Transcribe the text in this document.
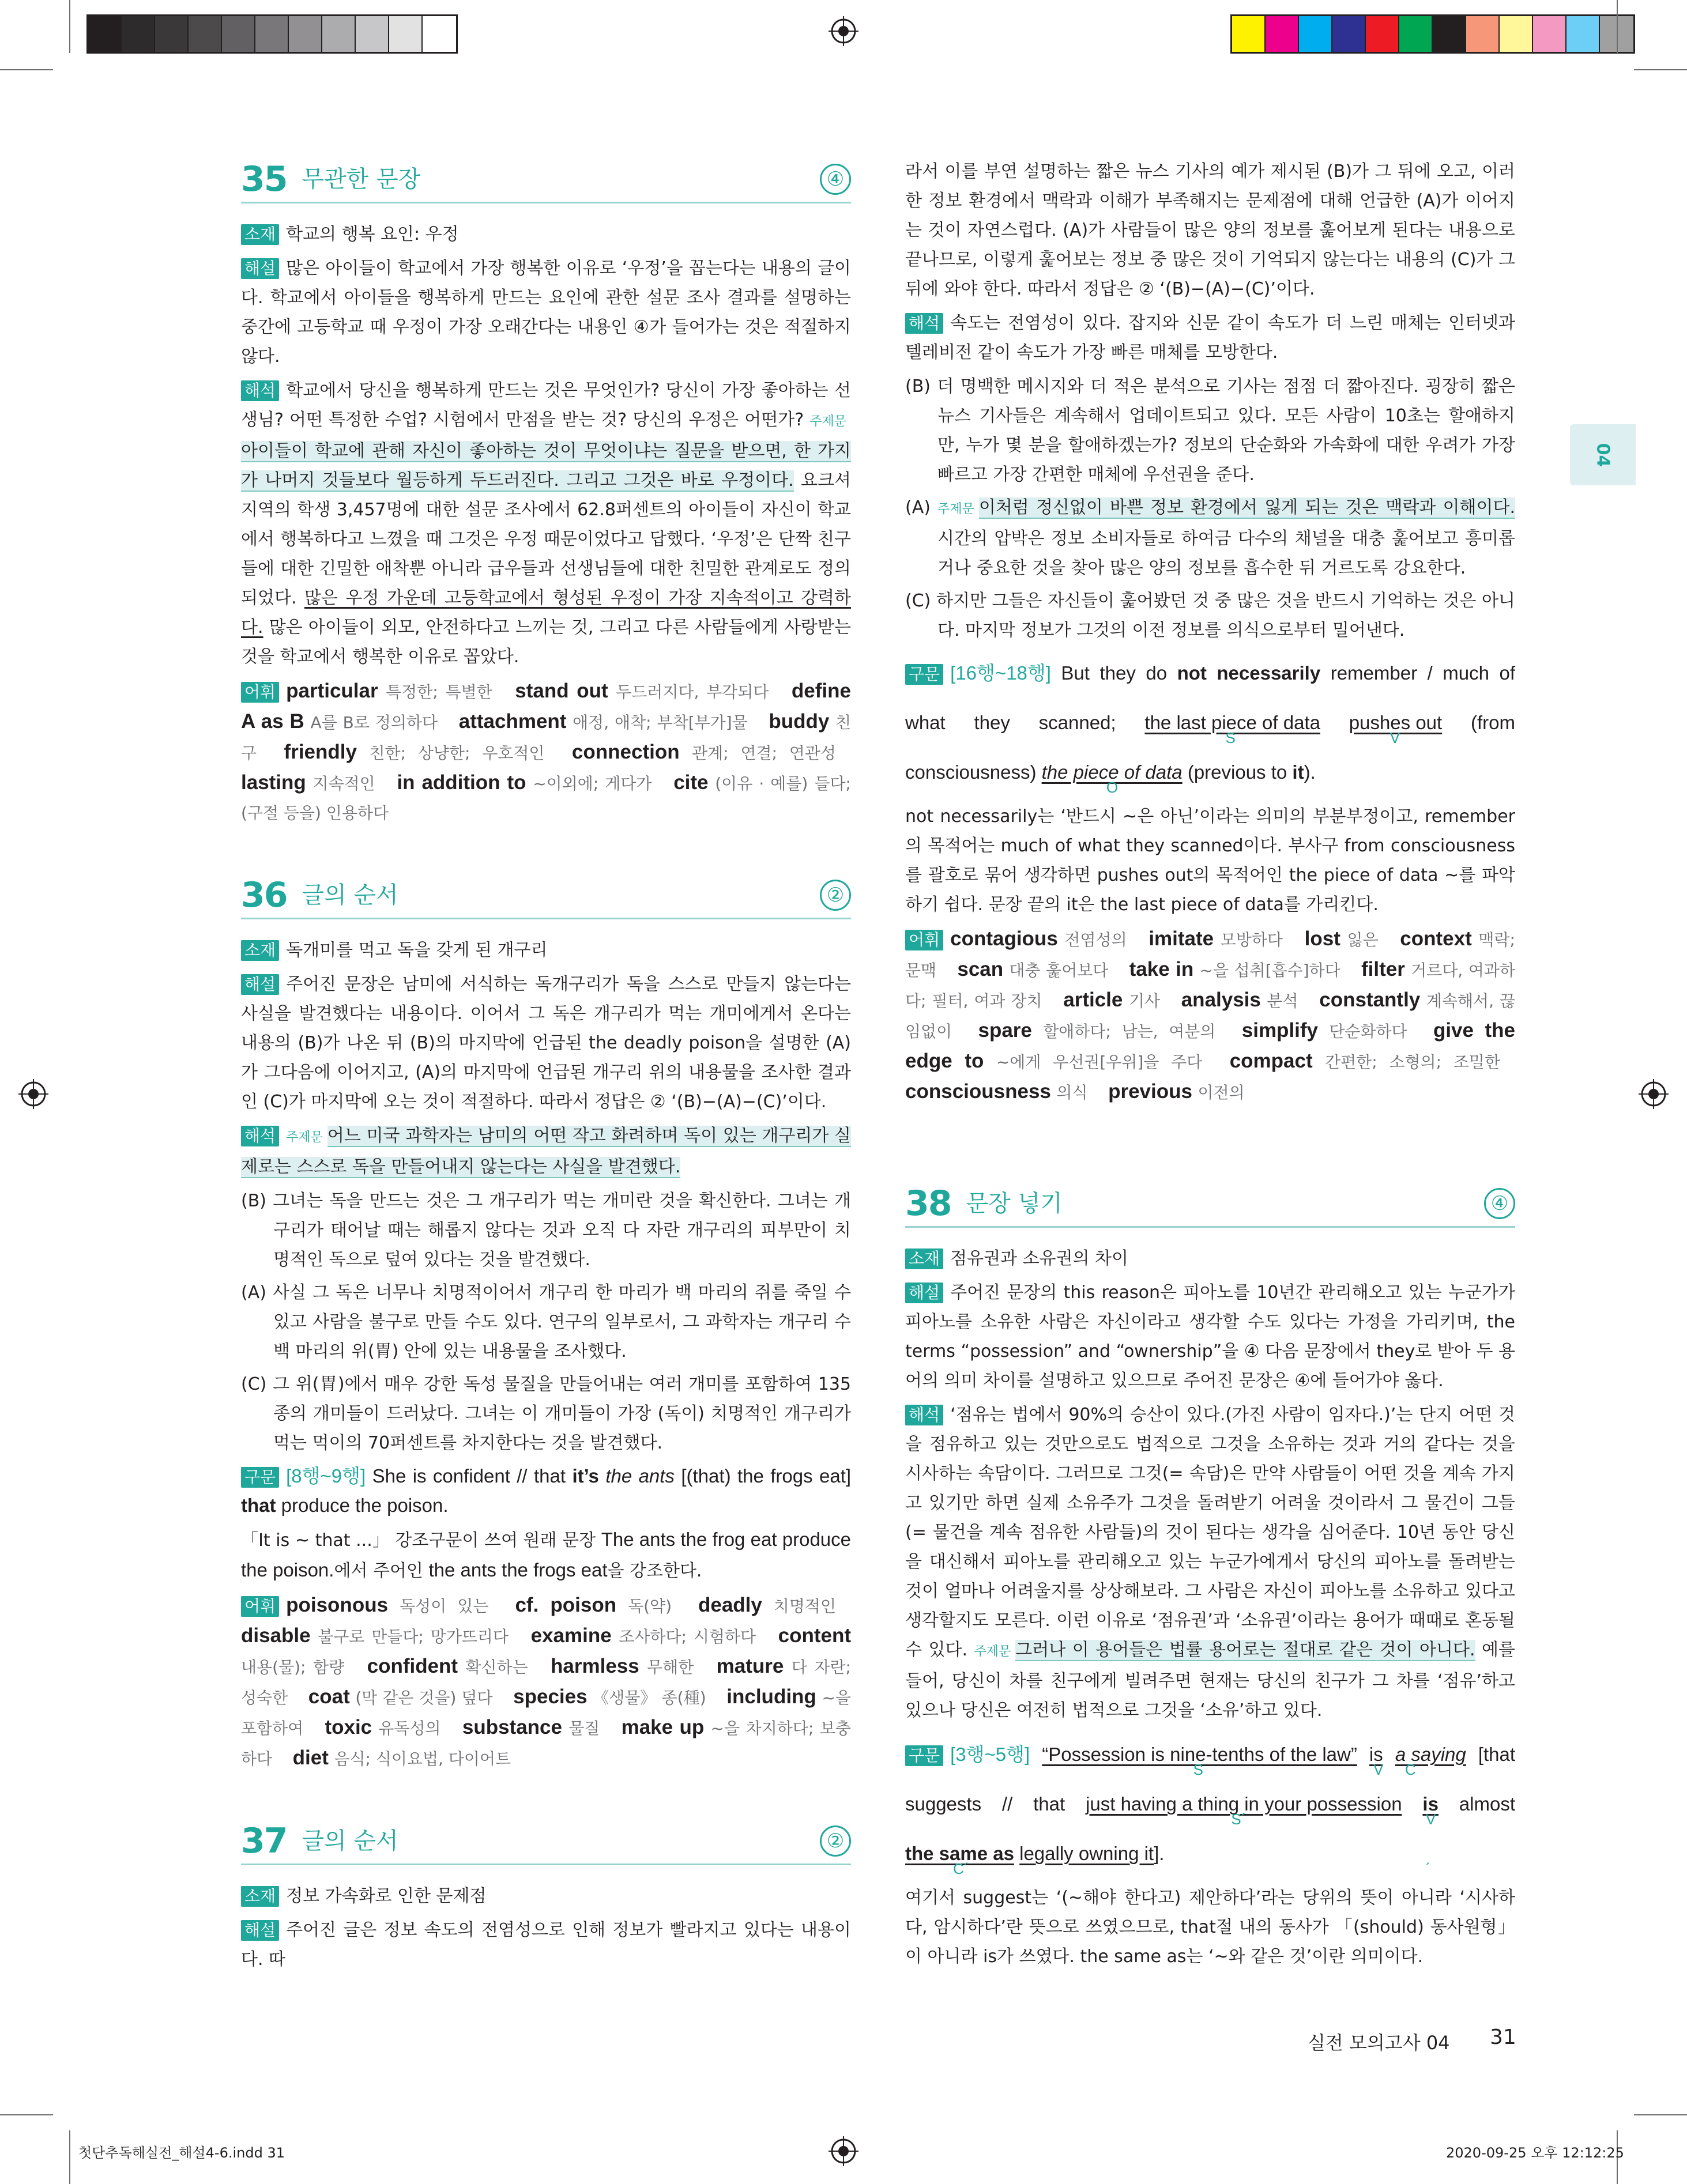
04
35 무관한 문장	④

소재 학교의 행복 요인: 우정

해설 많은 아이들이 학교에서 가장 행복한 이유로 ‘우정’을 꼽는다는 내용의 글이다. 학교에서 아이들을 행복하게 만드는 요인에 관한 설문 조사 결과를 설명하는 중간에 고등학교 때 우정이 가장 오래간다는 내용인 ④가 들어가는 것은 적절하지 않다.

해석 학교에서 당신을 행복하게 만드는 것은 무엇인가? 당신이 가장 좋아하는 선생님? 어떤 특정한 수업? 시험에서 만점을 받는 것? 당신의 우정은 어떤가? 주제문아이들이 학교에 관해 자신이 좋아하는 것이 무엇이냐는 질문을 받으면, 한 가지가 나머지 것들보다 월등하게 두드러진다. 그리고 그것은 바로 우정이다. 요크셔 지역의 학생 3,457명에 대한 설문 조사에서 62.8퍼센트의 아이들이 자신이 학교에서 행복하다고 느꼈을 때 그것은 우정 때문이었다고 답했다. ‘우정’은 단짝 친구들에 대한 긴밀한 애착뿐 아니라 급우들과 선생님들에 대한 친밀한 관계로도 정의되었다. 많은 우정 가운데 고등학교에서 형성된 우정이 가장 지속적이고 강력하다. 많은 아이들이 외모, 안전하다고 느끼는 것, 그리고 다른 사람들에게 사랑받는 것을 학교에서 행복한 이유로 꼽았다.

어휘 particular 특정한; 특별한 stand out 두드러지다, 부각되다 define A as B A를 B로 정의하다 attachment 애정, 애착; 부착[부가]물 buddy 친구 friendly 친한; 상냥한; 우호적인 connection 관계; 연결; 연관성 lasting 지속적인 in addition to ~이외에; 게다가 cite (이유 · 예를) 들다; (구절 등을) 인용하다

36 글의 순서	②

소재 독개미를 먹고 독을 갖게 된 개구리

해설 주어진 문장은 남미에 서식하는 독개구리가 독을 스스로 만들지 않는다는 사실을 발견했다는 내용이다. 이어서 그 독은 개구리가 먹는 개미에게서 온다는 내용의 (B)가 나온 뒤 (B)의 마지막에 언급된 the deadly poison을 설명한 (A)가 그다음에 이어지고, (A)의 마지막에 언급된 개구리 위의 내용물을 조사한 결과인 (C)가 마지막에 오는 것이 적절하다. 따라서 정답은 ② ‘(B)−(A)−(C)’이다.

해석 주제문 어느 미국 과학자는 남미의 어떤 작고 화려하며 독이 있는 개구리가 실제로는 스스로 독을 만들어내지 않는다는 사실을 발견했다.

(B) 그녀는 독을 만드는 것은 그 개구리가 먹는 개미란 것을 확신한다. 그녀는 개구리가 태어날 때는 해롭지 않다는 것과 오직 다 자란 개구리의 피부만이 치명적인 독으로 덮여 있다는 것을 발견했다.

(A) 사실 그 독은 너무나 치명적이어서 개구리 한 마리가 백 마리의 쥐를 죽일 수 있고 사람을 불구로 만들 수도 있다. 연구의 일부로서, 그 과학자는 개구리 수백 마리의 위(胃) 안에 있는 내용물을 조사했다.

(C) 그 위(胃)에서 매우 강한 독성 물질을 만들어내는 여러 개미를 포함하여 135종의 개미들이 드러났다. 그녀는 이 개미들이 가장 (독이) 치명적인 개구리가 먹는 먹이의 70퍼센트를 차지한다는 것을 발견했다.

구문 [8행~9행] She is confident // that it’s the ants [(that) the frogs eat] that produce the poison.

「It is ~ that ...」 강조구문이 쓰여 원래 문장 The ants the frog eat produce the poison.에서 주어인 the ants the frogs eat을 강조한다.

어휘 poisonous 독성이 있는 cf. poison 독(약) deadly 치명적인 disable 불구로 만들다; 망가뜨리다 examine 조사하다; 시험하다 content 내용(물); 함량 confident 확신하는 harmless 무해한 mature 다 자란; 성숙한 coat (막 같은 것을) 덮다 species 《생물》 종(種) including ~을 포함하여 toxic 유독성의 substance 물질 make up ~을 차지하다; 보충하다 diet 음식; 식이요법, 다이어트

37 글의 순서	②

소재 정보 가속화로 인한 문제점

해설 주어진 글은 정보 속도의 전염성으로 인해 정보가 빨라지고 있다는 내용이다. 따

라서 이를 부연 설명하는 짧은 뉴스 기사의 예가 제시된 (B)가 그 뒤에 오고, 이러한 정보 환경에서 맥락과 이해가 부족해지는 문제점에 대해 언급한 (A)가 이어지는 것이 자연스럽다. (A)가 사람들이 많은 양의 정보를 훑어보게 된다는 내용으로 끝나므로, 이렇게 훑어보는 정보 중 많은 것이 기억되지 않는다는 내용의 (C)가 그 뒤에 와야 한다. 따라서 정답은 ② ‘(B)−(A)−(C)’이다.

해석 속도는 전염성이 있다. 잡지와 신문 같이 속도가 더 느린 매체는 인터넷과 텔레비전 같이 속도가 가장 빠른 매체를 모방한다.

(B) 더 명백한 메시지와 더 적은 분석으로 기사는 점점 더 짧아진다. 굉장히 짧은 뉴스 기사들은 계속해서 업데이트되고 있다. 모든 사람이 10초는 할애하지만, 누가 몇 분을 할애하겠는가? 정보의 단순화와 가속화에 대한 우려가 가장 빠르고 가장 간편한 매체에 우선권을 준다.

(A) 주제문 이처럼 정신없이 바쁜 정보 환경에서 잃게 되는 것은 맥락과 이해이다. 시간의 압박은 정보 소비자들로 하여금 다수의 채널을 대충 훑어보고 흥미롭거나 중요한 것을 찾아 많은 양의 정보를 흡수한 뒤 거르도록 강요한다.

(C) 하지만 그들은 자신들이 훑어봤던 것 중 많은 것을 반드시 기억하는 것은 아니다. 마지막 정보가 그것의 이전 정보를 의식으로부터 밀어낸다.

구문 [16행~18행] But they do not necessarily remember / much of what they scanned; the last piece of data
S
pushes out
V
(from consciousness) the piece of data
O
(previous to it).

not necessarily는 ‘반드시 ~은 아닌’이라는 의미의 부분부정이고, remember의 목적어는 much of what they scanned이다. 부사구 from consciousness를 괄호로 묶어 생각하면 pushes out의 목적어인 the piece of data ~를 파악하기 쉽다. 문장 끝의 it은 the last piece of data를 가리킨다.

어휘 contagious 전염성의 imitate 모방하다 lost 잃은 context 맥락; 문맥 scan 대충 훑어보다 take in ~을 섭취[흡수]하다 filter 거르다, 여과하다; 필터, 여과 장치 article 기사 analysis 분석 constantly 계속해서, 끊임없이 spare 할애하다; 남는, 여분의 simplify 단순화하다 give the edge to ~에게 우선권[우위]을 주다 compact 간편한; 소형의; 조밀한 consciousness 의식 previous 이전의

38 문장 넣기	④

소재 점유권과 소유권의 차이

해설 주어진 문장의 this reason은 피아노를 10년간 관리해오고 있는 누군가가 피아노를 소유한 사람은 자신이라고 생각할 수도 있다는 가정을 가리키며, the terms “possession” and “ownership”을 ④ 다음 문장에서 they로 받아 두 용어의 의미 차이를 설명하고 있으므로 주어진 문장은 ④에 들어가야 옳다.

해석 ‘점유는 법에서 90%의 승산이 있다.(가진 사람이 임자다.)’는 단지 어떤 것을 점유하고 있는 것만으로도 법적으로 그것을 소유하는 것과 거의 같다는 것을 시사하는 속담이다. 그러므로 그것(= 속담)은 만약 사람들이 어떤 것을 계속 가지고 있기만 하면 실제 소유주가 그것을 돌려받기 어려울 것이라서 그 물건이 그들(= 물건을 계속 점유한 사람들)의 것이 된다는 생각을 심어준다. 10년 동안 당신을 대신해서 피아노를 관리해오고 있는 누군가에게서 당신의 피아노를 돌려받는 것이 얼마나 어려울지를 상상해보라. 그 사람은 자신이 피아노를 소유하고 있다고 생각할지도 모른다. 이런 이유로 ‘점유권’과 ‘소유권’이라는 용어가 때때로 혼동될 수 있다. 주제문 그러나 이 용어들은 법률 용어로는 절대로 같은 것이 아니다. 예를 들어, 당신이 차를 친구에게 빌려주면 현재는 당신의 친구가 그 차를 ‘점유’하고 있으나 당신은 여전히 법적으로 그것을 ‘소유’하고 있다.

구문 [3행~5행] “Possession is nine-tenths of the law”
S
is
V
a saying
C
[that suggests // that just having a thing in your possession
S´
is
V´
almost the same as
C´
legally owning it].

여기서 suggest는 ‘(~해야 한다고) 제안하다’라는 당위의 뜻이 아니라 ‘시사하다, 암시하다’란 뜻으로 쓰였으므로, that절 내의 동사가 「(should) 동사원형」이 아니라 is가 쓰였다. the same as는 ‘~와 같은 것’이란 의미이다.

실전 모의고사 04 31
첫단추독해실전_해설4-6.indd 31	2020-09-25 오후 12:12:25
